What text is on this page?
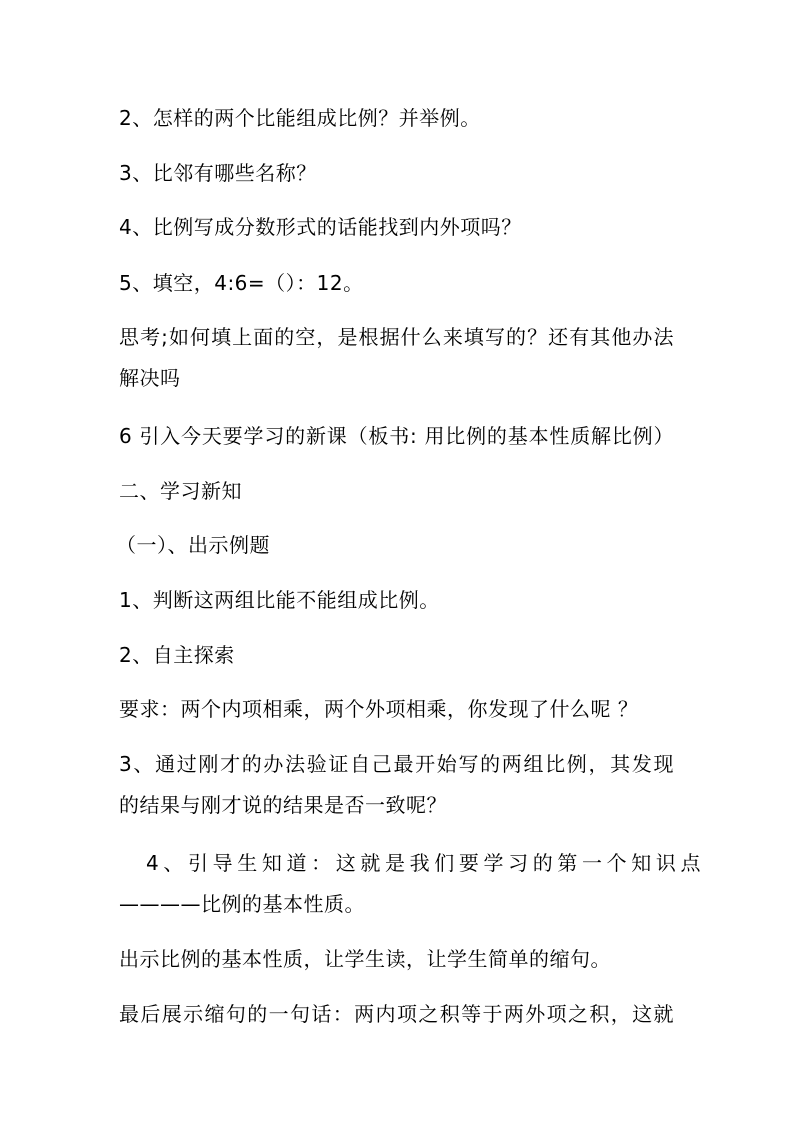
2、怎样的两个比能组成比例？并举例。
3、比邻有哪些名称？
4、比例写成分数形式的话能找到内外项吗？
5、填空，4:6=（）：12。
思考;如何填上面的空，是根据什么来填写的？还有其他办法
解决吗
6 引入今天要学习的新课（板书: 用比例的基本性质解比例）
二、学习新知
（一）、出示例题
1、判断这两组比能不能组成比例。
2、自主探索
要求：两个内项相乘，两个外项相乘，你发现了什么呢 ？
3、通过刚才的办法验证自己最开始写的两组比例，其发现
的结果与刚才说的结果是否一致呢？
4、引导生知道：这就是我们要学习的第一个知识点
————比例的基本性质。
出示比例的基本性质，让学生读，让学生简单的缩句。
最后展示缩句的一句话：两内项之积等于两外项之积，这就
